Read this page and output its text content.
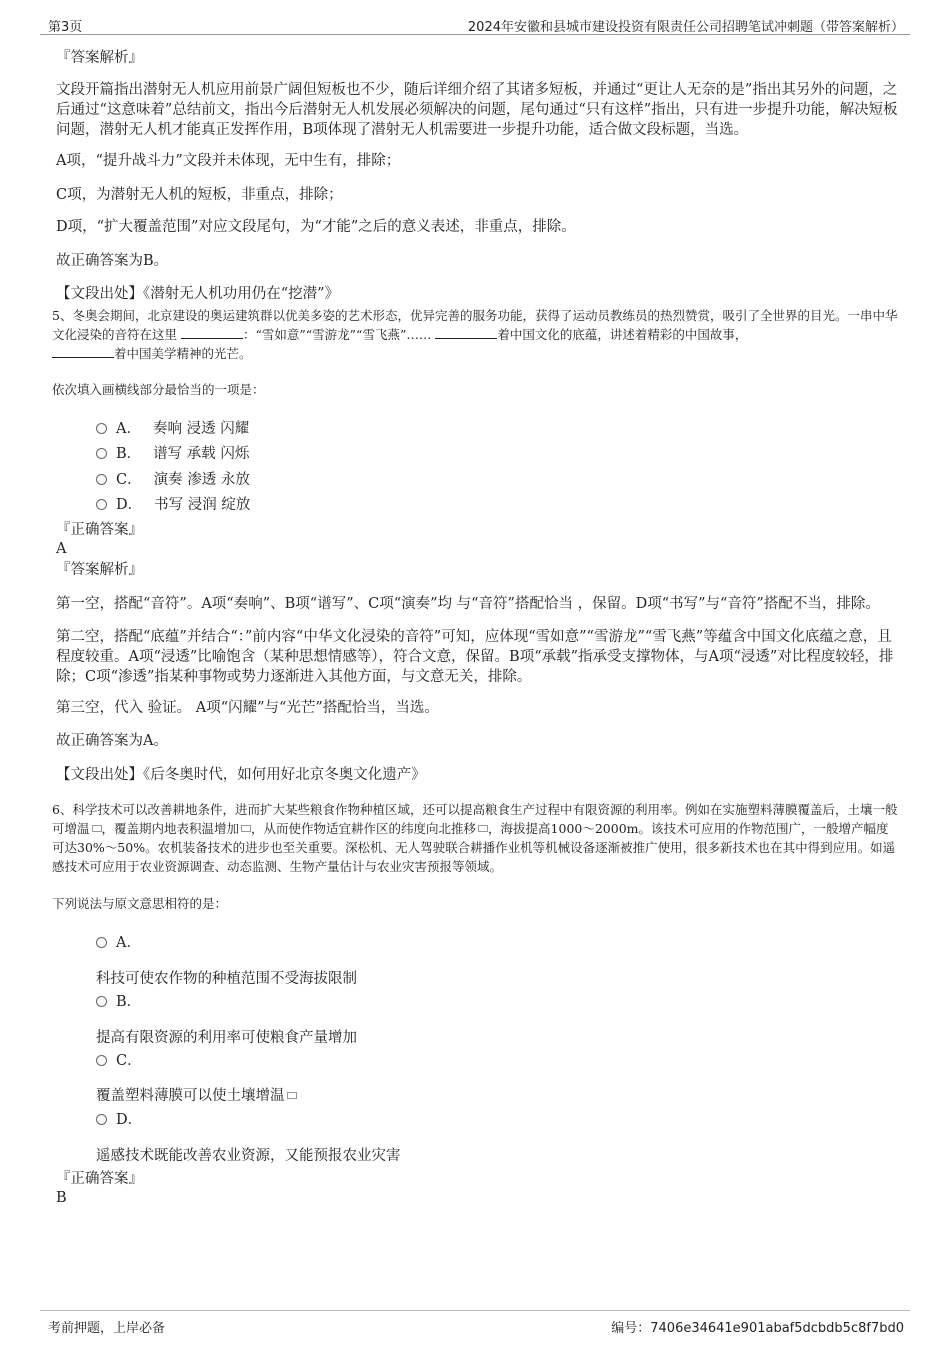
第3页	2024年安徽和县城市建设投资有限责任公司招聘笔试冲刺题（带答案解析）
『答案解析』

文段开篇指出潜射无人机应用前景广阔但短板也不少，随后详细介绍了其诸多短板，并通过“更让人无奈的是”指出其另外的问题，之后通过“这意味着”总结前文，指出今后潜射无人机发展必须解决的问题，尾句通过“只有这样”指出，只有进一步提升功能，解决短板问题，潜射无人机才能真正发挥作用，B项体现了潜射无人机需要进一步提升功能，适合做文段标题，当选。

A项，“提升战斗力”文段并未体现，无中生有，排除；
C项，为潜射无人机的短板，非重点，排除；
D项，“扩大覆盖范围”对应文段尾句，为“才能”之后的意义表述，非重点，排除。
故正确答案为B。
【文段出处】《潜射无人机功用仍在“挖潜”》

5、冬奥会期间，北京建设的奥运建筑群以优美多姿的艺术形态，优异完善的服务功能，获得了运动员教练员的热烈赞赏，吸引了全世界的目光。一串中华文化浸染的音符在这里	：“雪如意”“雪游龙”“雪飞燕”……	着中国文化的底蕴，讲述着精彩的中国故事，
着中国美学精神的光芒。

依次填入画横线部分最恰当的一项是：
A． 奏响 浸透 闪耀
B． 谱写 承载 闪烁
C． 演奏 渗透 永放
D． 书写 浸润 绽放
『正确答案』
A
『答案解析』

第一空，搭配“音符”。A项“奏响”、B项“谱写”、C项“演奏”均 与“音符”搭配恰当 ，保留。D项“书写”与“音符”搭配不当，排除。

第二空，搭配“底蕴”并结合“：”前内容“中华文化浸染的音符”可知，应体现“雪如意”“雪游龙”“雪飞燕”等蕴含中国文化底蕴之意，且程度较重。A项“浸透”比喻饱含（某种思想情感等），符合文意，保留。B项“承载”指承受支撑物体，与A项“浸透”对比程度较轻，排除；C项“渗透”指某种事物或势力逐渐进入其他方面，与文意无关，排除。

第三空，代入 验证。 A项“闪耀”与“光芒”搭配恰当，当选。
故正确答案为A。
【文段出处】《后冬奥时代，如何用好北京冬奥文化遗产》

6、科学技术可以改善耕地条件，进而扩大某些粮食作物种植区域，还可以提高粮食生产过程中有限资源的利用率。例如在实施塑料薄膜覆盖后，土壤一般可增温 ，覆盖期内地表积温增加 ，从而使作物适宜耕作区的纬度向北推移 ，海拔提高1000～2000m。该技术可应用的作物范围广，一般增产幅度可达30%～50%。农机装备技术的进步也至关重要。深松机、无人驾驶联合耕播作业机等机械设备逐渐被推广使用，很多新技术也在其中得到应用。如遥感技术可应用于农业资源调查、动态监测、生物产量估计与农业灾害预报等领域。

下列说法与原文意思相符的是：
A．
科技可使农作物的种植范围不受海拔限制
B．
提高有限资源的利用率可使粮食产量增加
C．
覆盖塑料薄膜可以使土壤增温
D．
遥感技术既能改善农业资源，又能预报农业灾害
『正确答案』
B
考前押题，上岸必备	编号：7406e34641e901abaf5dcbdb5c8f7bd0
